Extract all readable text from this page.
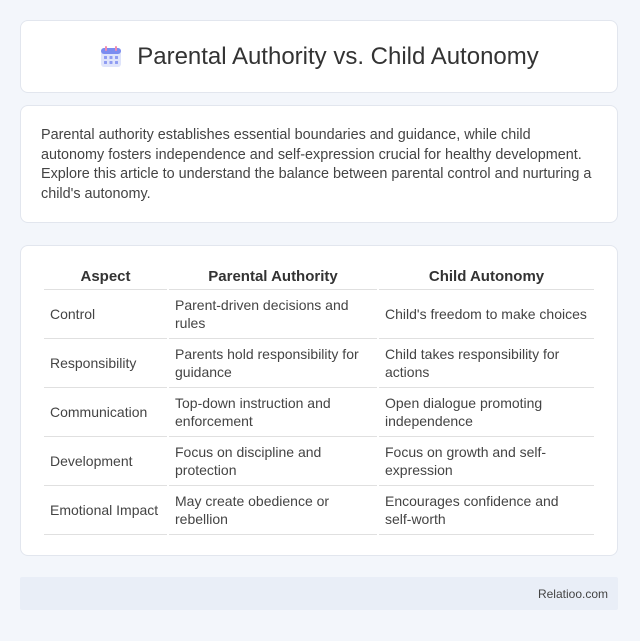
Parental Authority vs. Child Autonomy

Parental authority establishes essential boundaries and guidance, while child autonomy fosters independence and self-expression crucial for healthy development. Explore this article to understand the balance between parental control and nurturing a child's autonomy.

Aspect	Parental Authority	Child Autonomy
Control	Parent-driven decisions and rules	Child's freedom to make choices
Responsibility	Parents hold responsibility for guidance	Child takes responsibility for actions
Communication	Top-down instruction and enforcement	Open dialogue promoting independence
Development	Focus on discipline and protection	Focus on growth and self-expression
Emotional Impact	May create obedience or rebellion	Encourages confidence and self-worth
Relatioo.com
